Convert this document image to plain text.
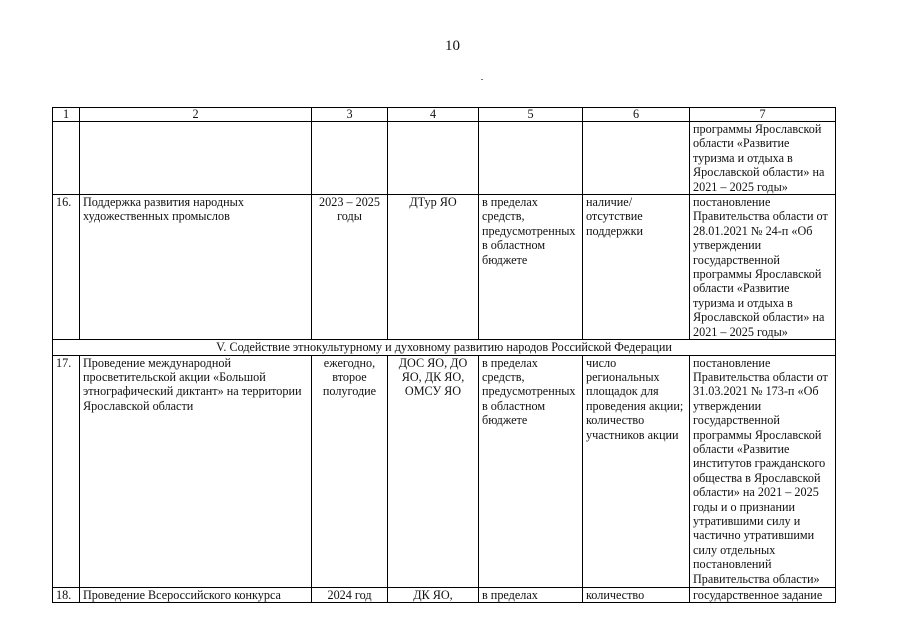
10
1	2	3	4	5	6	7
						программы Ярославской области «Развитие туризма и отдыха в Ярославской области» на 2021 – 2025 годы»
16.	Поддержка развития народных художественных промыслов	2023 – 2025 годы	ДТур ЯО	в пределах средств, предусмотренных в областном бюджете	наличие/ отсутствие поддержки	постановление Правительства области от 28.01.2021 № 24-п «Об утверждении государственной программы Ярославской области «Развитие туризма и отдыха в Ярославской области» на 2021 – 2025 годы»
V. Содействие этнокультурному и духовному развитию народов Российской Федерации						
17.	Проведение международной просветительской акции «Большой этнографический диктант» на территории Ярославской области	ежегодно, второе полугодие	ДОС ЯО, ДО ЯО, ДК ЯО, ОМСУ ЯО	в пределах средств, предусмотренных в областном бюджете	число региональных площадок для проведения акции; количество участников акции	постановление Правительства области от 31.03.2021 № 173-п «Об утверждении государственной программы Ярославской области «Развитие институтов гражданского общества в Ярославской области» на 2021 – 2025 годы и о признании утратившими силу и частично утратившими силу отдельных постановлений Правительства области»
18.	Проведение Всероссийского конкурса	2024 год	ДК ЯО,	в пределах	количество	государственное задание
